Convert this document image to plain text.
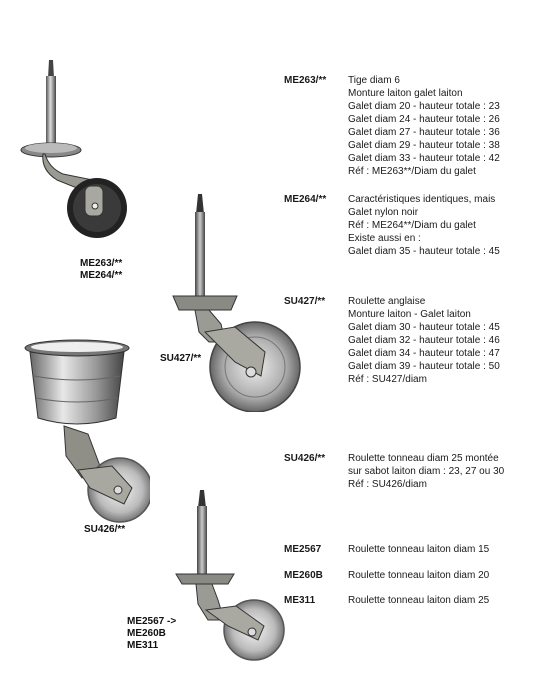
ME263/**
ME264/**
SU427/**
SU426/**
ME2567 ->
ME260B
ME311
ME263/** Tige diam 6
Monture laiton galet laiton
Galet diam 20 - hauteur totale : 23
Galet diam 24 - hauteur totale : 26
Galet diam 27 - hauteur totale : 36
Galet diam 29 - hauteur totale : 38
Galet diam 33 - hauteur totale : 42
Réf : ME263**/Diam du galet
ME264/** Caractéristiques identiques, mais
Galet nylon noir
Réf : ME264**/Diam du galet
Existe aussi en :
Galet diam 35 - hauteur totale : 45
SU427/** Roulette anglaise
Monture laiton - Galet laiton
Galet diam 30 - hauteur totale : 45
Galet diam 32 - hauteur totale : 46
Galet diam 34 - hauteur totale : 47
Galet diam 39 - hauteur totale : 50
Réf : SU427/diam
SU426/** Roulette tonneau diam 25 montée
sur sabot laiton diam : 23, 27 ou 30
Réf : SU426/diam
ME2567	Roulette tonneau laiton diam 15
ME260B	Roulette tonneau laiton diam 20
ME311	Roulette tonneau laiton diam 25
